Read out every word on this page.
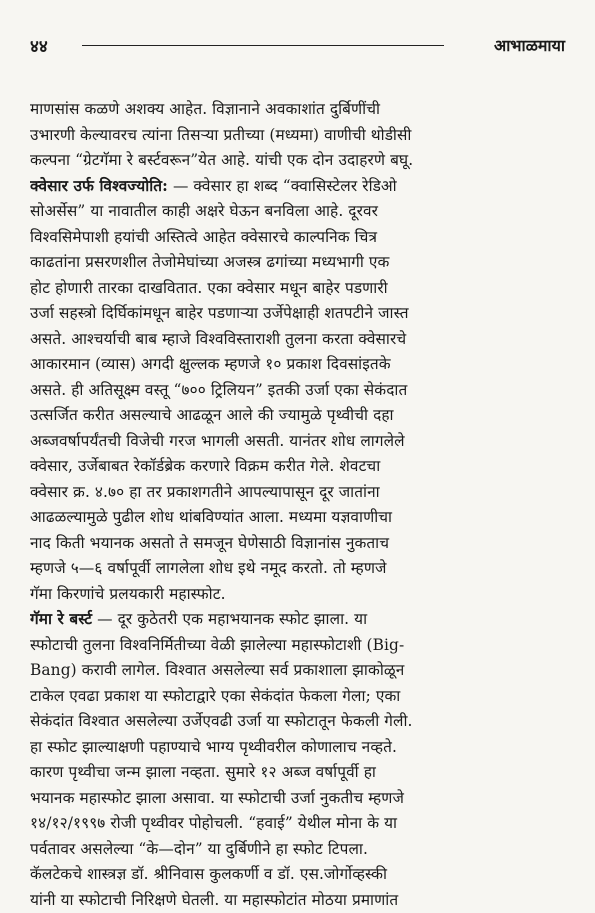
४४	आभाळमाया
माणसांस कळणे अशक्य आहेत. विज्ञानाने अवकाशांत दुर्बिणींची
उभारणी केल्यावरच त्यांना तिसऱ्या प्रतीच्या (मध्यमा) वाणीची थोडीसी
कल्पना “ग्रेटगॅमा रे बर्स्टवरून”येत आहे. यांची एक दोन उदाहरणे बघू.
क्वेसार उर्फ विश्वज्योति: — क्वेसार हा शब्द “क्वासिस्टेलर रेडिओ
सोअर्सेस” या नावातील काही अक्षरे घेऊन बनविला आहे. दूरवर
विश्वसिमेपाशी हयांची अस्तित्वे आहेत क्वेसारचे काल्पनिक चित्र
काढतांना प्रसरणशील तेजोमेघांच्या अजस्त्र ढगांच्या मध्यभागी एक
होट होणारी तारका दाखवितात. एका क्वेसार मधून बाहेर पडणारी
उर्जा सहस्त्रो दिर्घिकांमधून बाहेर पडणाऱ्या उर्जेपेक्षाही शतपटीने जास्त
असते. आश्चर्याची बाब म्हाजे विश्वविस्ताराशी तुलना करता क्वेसारचे
आकारमान (व्यास) अगदी क्षुल्लक म्हणजे १० प्रकाश दिवसांइतके
असते. ही अतिसूक्ष्म वस्तू “७०० ट्रिलियन” इतकी उर्जा एका सेकंदात
उत्सर्जित करीत असल्याचे आढळून आले की ज्यामुळे पृथ्वीची दहा
अब्जवर्षापर्यंतची विजेची गरज भागली असती. यानंतर शोध लागलेले
क्वेसार, उर्जेबाबत रेकॉर्डब्रेक करणारे विक्रम करीत गेले. शेवटचा
क्वेसार क्र. ४.७० हा तर प्रकाशगतीने आपल्यापासून दूर जातांना
आढळल्यामुळे पुढील शोध थांबविण्यांत आला. मध्यमा यज्ञवाणीचा
नाद किती भयानक असतो ते समजून घेणेसाठी विज्ञानांस नुकताच
म्हणजे ५—६ वर्षापूर्वी लागलेला शोध इथे नमूद करतो. तो म्हणजे
गॅमा किरणांचे प्रलयकारी महास्फोट.
गॅमा रे बर्स्ट — दूर कुठेतरी एक महाभयानक स्फोट झाला. या
स्फोटाची तुलना विश्वनिर्मितीच्या वेळी झालेल्या महास्फोटाशी (Big-
Bang) करावी लागेल. विश्वात असलेल्या सर्व प्रकाशाला झाकोळून
टाकेल एवढा प्रकाश या स्फोटाद्वारे एका सेकंदांत फेकला गेला; एका
सेकंदांत विश्वात असलेल्या उर्जेएवढी उर्जा या स्फोटातून फेकली गेली.
हा स्फोट झाल्याक्षणी पहाण्याचे भाग्य पृथ्वीवरील कोणालाच नव्हते.
कारण पृथ्वीचा जन्म झाला नव्हता. सुमारे १२ अब्ज वर्षापूर्वी हा
भयानक महास्फोट झाला असावा. या स्फोटाची उर्जा नुकतीच म्हणजे
१४/१२/१९९७ रोजी पृथ्वीवर पोहोचली. “हवाई” येथील मोना के या
पर्वतावर असलेल्या “के—दोन” या दुर्बिणीने हा स्फोट टिपला.
कॅलटेकचे शास्त्रज्ञ डॉ. श्रीनिवास कुलकर्णी व डॉ. एस.जोर्गोव्हस्की
यांनी या स्फोटाची निरिक्षणे घेतली. या महास्फोटांत मोठया प्रमाणांत
